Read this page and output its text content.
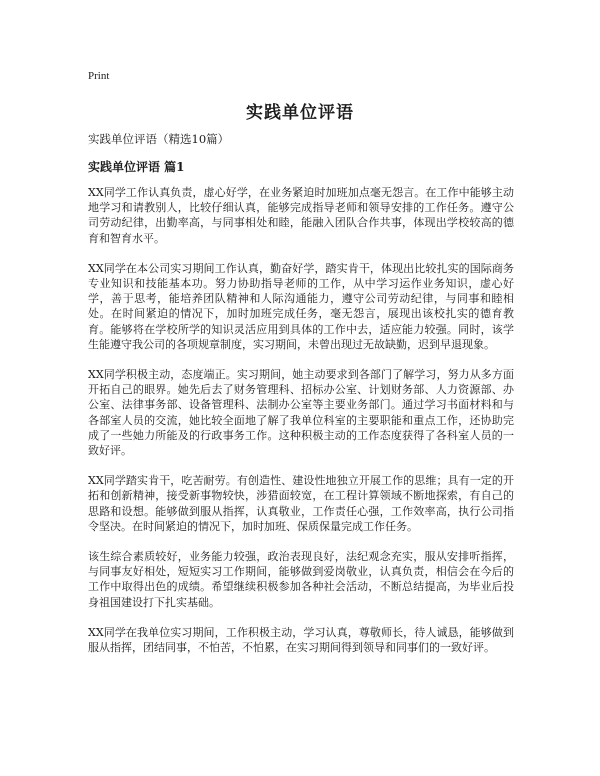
Print
实践单位评语

实践单位评语（精选10篇）

实践单位评语 篇1

XX同学工作认真负责，虚心好学，在业务紧迫时加班加点毫无怨言。在工作中能够主动地学习和请教别人，比较仔细认真，能够完成指导老师和领导安排的工作任务。遵守公司劳动纪律，出勤率高，与同事相处和睦，能融入团队合作共事，体现出学校较高的德育和智育水平。

XX同学在本公司实习期间工作认真，勤奋好学，踏实肯干，体现出比较扎实的国际商务专业知识和技能基本功。努力协助指导老师的工作，从中学习运作业务知识，虚心好学，善于思考，能培养团队精神和人际沟通能力，遵守公司劳动纪律，与同事和睦相处。在时间紧迫的情况下，加时加班完成任务，毫无怨言，展现出该校扎实的德育教育。能够将在学校所学的知识灵活应用到具体的工作中去，适应能力较强。同时，该学生能遵守我公司的各项规章制度，实习期间，未曾出现过无故缺勤，迟到早退现象。

XX同学积极主动，态度端正。实习期间，她主动要求到各部门了解学习，努力从多方面开拓自己的眼界。她先后去了财务管理科、招标办公室、计划财务部、人力资源部、办公室、法律事务部、设备管理科、法制办公室等主要业务部门。通过学习书面材料和与各部室人员的交流，她比较全面地了解了我单位科室的主要职能和重点工作，还协助完成了一些她力所能及的行政事务工作。这种积极主动的工作态度获得了各科室人员的一致好评。

XX同学踏实肯干，吃苦耐劳。有创造性、建设性地独立开展工作的思维；具有一定的开拓和创新精神，接受新事物较快，涉猎面较宽，在工程计算领域不断地探索，有自己的思路和设想。能够做到服从指挥，认真敬业，工作责任心强，工作效率高，执行公司指令坚决。在时间紧迫的情况下，加时加班、保质保量完成工作任务。

该生综合素质较好，业务能力较强，政治表现良好，法纪观念充实，服从安排听指挥，与同事友好相处，短短实习工作期间，能够做到爱岗敬业，认真负责，相信会在今后的工作中取得出色的成绩。希望继续积极参加各种社会活动，不断总结提高，为毕业后投身祖国建设打下扎实基础。

XX同学在我单位实习期间，工作积极主动，学习认真，尊敬师长，待人诚恳，能够做到服从指挥，团结同事，不怕苦，不怕累，在实习期间得到领导和同事们的一致好评。
